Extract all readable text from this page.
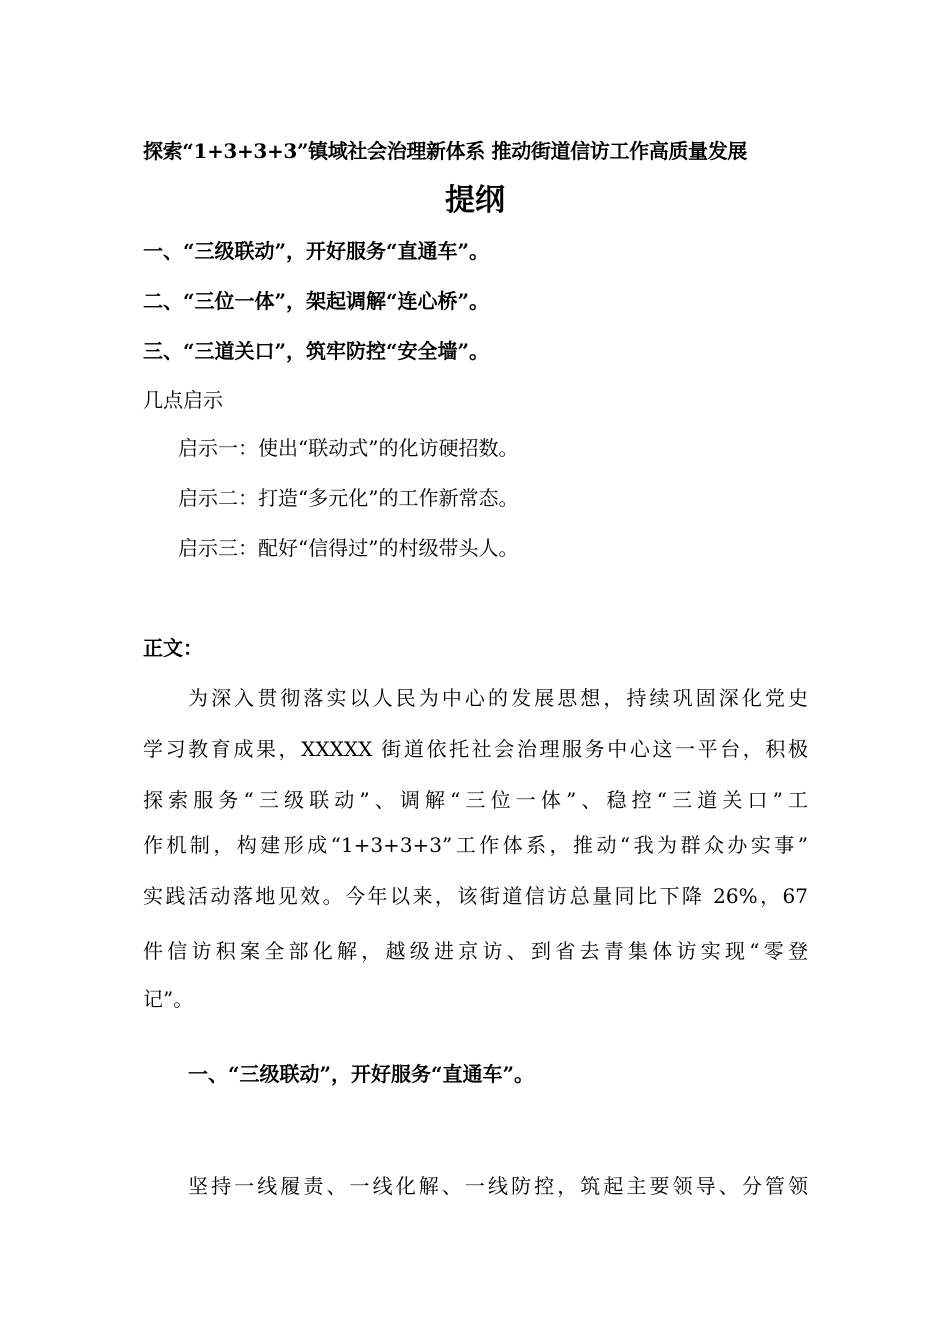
探索“1+3+3+3”镇域社会治理新体系 推动街道信访工作高质量发展
提纲
一、“三级联动”，开好服务“直通车”。
二、“三位一体”，架起调解“连心桥”。
三、“三道关口”，筑牢防控“安全墙”。
几点启示
启示一：使出“联动式”的化访硬招数。
启示二：打造“多元化”的工作新常态。
启示三：配好“信得过”的村级带头人。
正文：
为深入贯彻落实以人民为中心的发展思想，持续巩固深化党史
学习教育成果，XXXXX 街道依托社会治理服务中心这一平台，积极
探索服务“三级联动”、调解“三位一体”、稳控“三道关口”工
作机制，构建形成“1+3+3+3”工作体系，推动“我为群众办实事”
实践活动落地见效。今年以来，该街道信访总量同比下降 26%，67
件信访积案全部化解，越级进京访、到省去青集体访实现“零登
记”。
一、“三级联动”，开好服务“直通车”。
坚持一线履责、一线化解、一线防控，筑起主要领导、分管领
